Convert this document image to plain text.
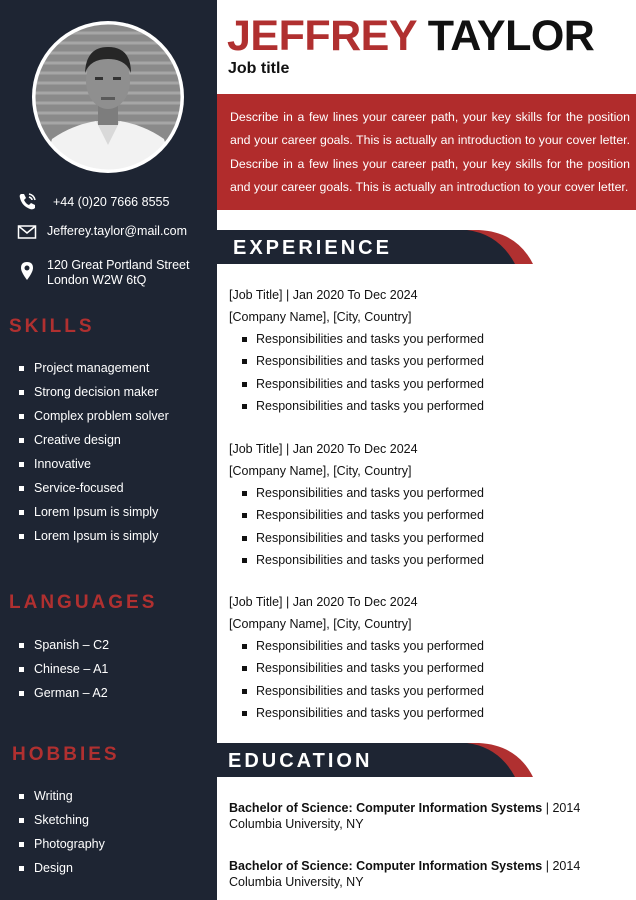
+44 (0)20 7666 8555
Jefferey.taylor@mail.com
120 Great Portland Street
London W2W 6tQ
SKILLS
Project management
Strong decision maker
Complex problem solver
Creative design
Innovative
Service-focused
Lorem Ipsum is simply
Lorem Ipsum is simply
LANGUAGES
Spanish – C2
Chinese – A1
German – A2
HOBBIES
Writing
Sketching
Photography
Design
JEFFREY TAYLOR
Job title
Describe in a few lines your career path, your key skills for the position and your career goals. This is actually an introduction to your cover letter. Describe in a few lines your career path, your key skills for the position and your career goals. This is actually an introduction to your cover letter.
EXPERIENCE
[Job Title] | Jan 2020 To Dec 2024
[Company Name], [City, Country]
Responsibilities and tasks you performed
Responsibilities and tasks you performed
Responsibilities and tasks you performed
Responsibilities and tasks you performed
[Job Title] | Jan 2020 To Dec 2024
[Company Name], [City, Country]
Responsibilities and tasks you performed
Responsibilities and tasks you performed
Responsibilities and tasks you performed
Responsibilities and tasks you performed
[Job Title] | Jan 2020 To Dec 2024
[Company Name], [City, Country]
Responsibilities and tasks you performed
Responsibilities and tasks you performed
Responsibilities and tasks you performed
Responsibilities and tasks you performed
EDUCATION
Bachelor of Science: Computer Information Systems | 2014
Columbia University, NY
Bachelor of Science: Computer Information Systems | 2014
Columbia University, NY
